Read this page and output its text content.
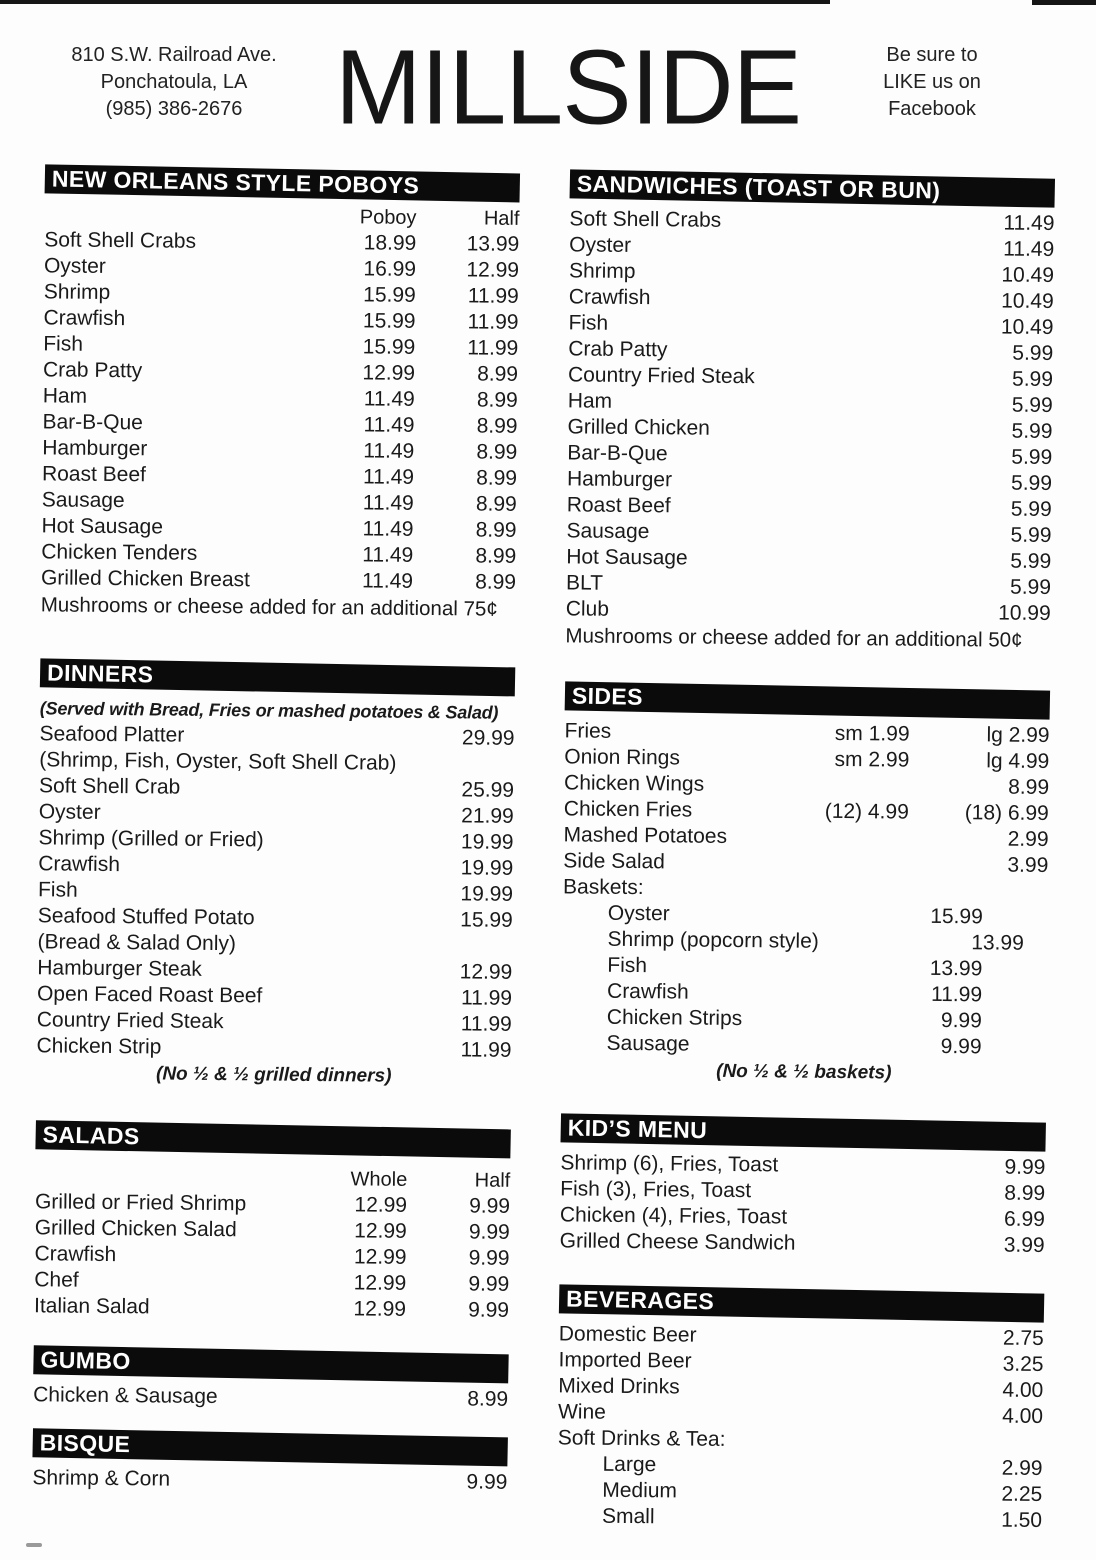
810 S.W. Railroad Ave.
Ponchatoula, LA
(985) 386-2676 MILLSIDE	Be sure to
LIKE us on
Facebook
NEW ORLEANS STYLE POBOYS
Poboy	Half
Soft Shell Crabs	18.99	13.99
Oyster	16.99	12.99
Shrimp	15.99	11.99
Crawfish	15.99	11.99
Fish	15.99	11.99
Crab Patty	12.99	8.99
Ham	11.49	8.99
Bar-B-Que	11.49	8.99
Hamburger	11.49	8.99
Roast Beef	11.49	8.99
Sausage	11.49	8.99
Hot Sausage	11.49	8.99
Chicken Tenders	11.49	8.99
Grilled Chicken Breast	11.49	8.99
Mushrooms or cheese added for an additional 75¢
DINNERS
(Served with Bread, Fries or mashed potatoes & Salad)
Seafood Platter	29.99
(Shrimp, Fish, Oyster, Soft Shell Crab)
Soft Shell Crab	25.99
Oyster	21.99
Shrimp (Grilled or Fried)	19.99
Crawfish	19.99
Fish	19.99
Seafood Stuffed Potato	15.99
(Bread & Salad Only)
Hamburger Steak	12.99
Open Faced Roast Beef	11.99
Country Fried Steak	11.99
Chicken Strip	11.99
(No ½ & ½ grilled dinners)
SALADS
Whole	Half
Grilled or Fried Shrimp	12.99	9.99
Grilled Chicken Salad	12.99	9.99
Crawfish	12.99	9.99
Chef	12.99	9.99
Italian Salad	12.99	9.99
GUMBO
Chicken & Sausage	8.99
BISQUE
Shrimp & Corn	9.99
SANDWICHES (TOAST OR BUN)
Soft Shell Crabs	11.49
Oyster	11.49
Shrimp	10.49
Crawfish	10.49
Fish	10.49
Crab Patty	5.99
Country Fried Steak	5.99
Ham	5.99
Grilled Chicken	5.99
Bar-B-Que	5.99
Hamburger	5.99
Roast Beef	5.99
Sausage	5.99
Hot Sausage	5.99
BLT	5.99
Club	10.99
Mushrooms or cheese added for an additional 50¢
SIDES
Fries	sm 1.99	lg 2.99
Onion Rings	sm 2.99	lg 4.99
Chicken Wings	8.99
Chicken Fries	(12) 4.99	(18) 6.99
Mashed Potatoes	2.99
Side Salad	3.99
Baskets:
Oyster	15.99
Shrimp (popcorn style)	13.99
Fish	13.99
Crawfish	11.99
Chicken Strips	9.99
Sausage	9.99
(No ½ & ½ baskets)
KID’S MENU
Shrimp (6), Fries, Toast	9.99
Fish (3), Fries, Toast	8.99
Chicken (4), Fries, Toast	6.99
Grilled Cheese Sandwich	3.99
BEVERAGES
Domestic Beer	2.75
Imported Beer	3.25
Mixed Drinks	4.00
Wine	4.00
Soft Drinks & Tea:
Large	2.99
Medium	2.25
Small	1.50
